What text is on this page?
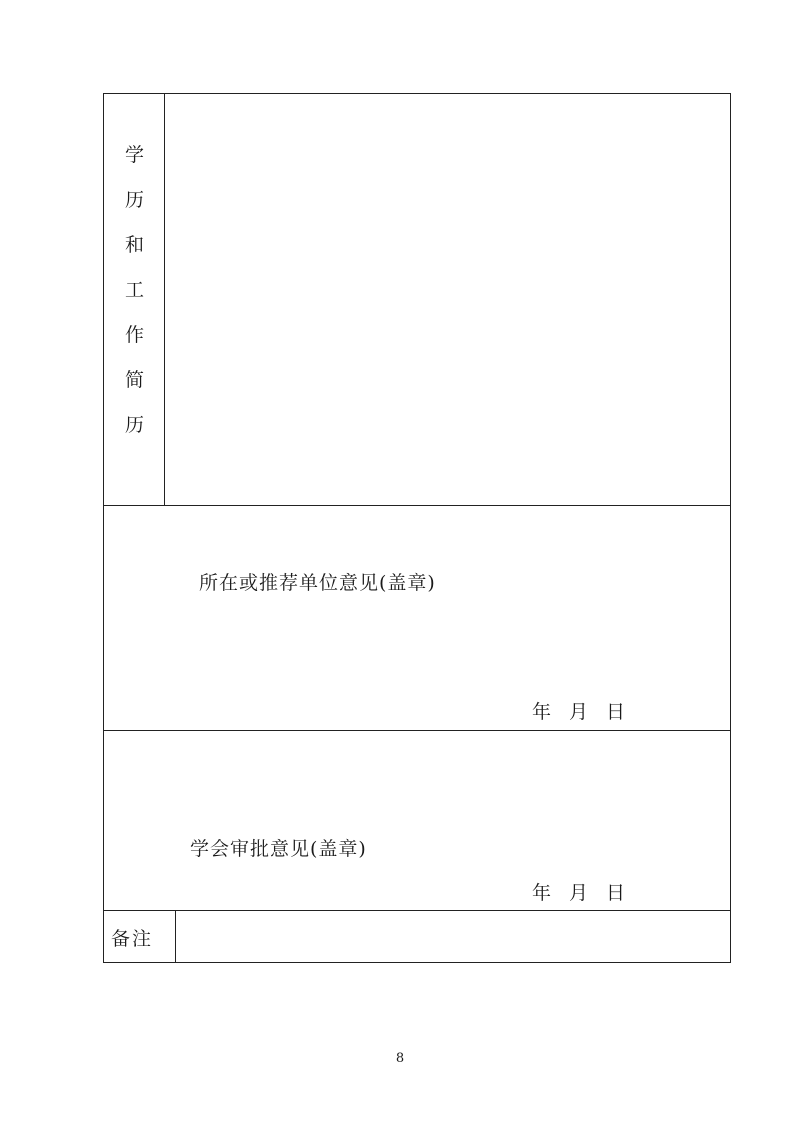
学
历
和
工
作
简
历
所在或推荐单位意见(盖章)
年 月 日
学会审批意见(盖章)
年 月 日
备注
8
